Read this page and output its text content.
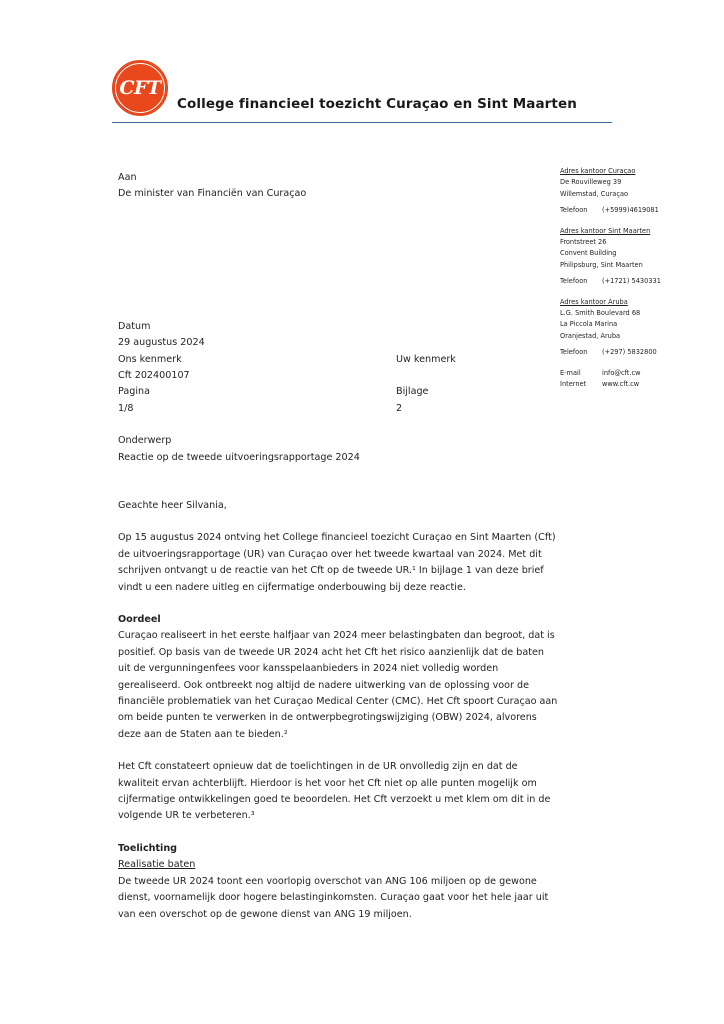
CFT
College financieel toezicht Curaçao en Sint Maarten
Adres kantoor Curaçao
De Rouvilleweg 39
Willemstad, Curaçao
Telefoon (+5999)4619081
Adres kantoor Sint Maarten
Frontstreet 26
Convent Building
Philipsburg, Sint Maarten
Telefoon (+1721) 5430331
Adres kantoor Aruba
L.G. Smith Boulevard 68
La Piccola Marina
Oranjestad, Aruba
Telefoon (+297) 5832800
E-mail	info@cft.cw
Internet www.cft.cw
Aan
De minister van Financiën van Curaçao
Datum
29 augustus 2024
Ons kenmerk	Uw kenmerk
Cft 202400107
Pagina	Bijlage
1/8	2
Onderwerp
Reactie op de tweede uitvoeringsrapportage 2024

Geachte heer Silvania,

Op 15 augustus 2024 ontving het College financieel toezicht Curaçao en Sint Maarten (Cft) de uitvoeringsrapportage (UR) van Curaçao over het tweede kwartaal van 2024. Met dit schrijven ontvangt u de reactie van het Cft op de tweede UR.¹ In bijlage 1 van deze brief vindt u een nadere uitleg en cijfermatige onderbouwing bij deze reactie.

Oordeel

Curaçao realiseert in het eerste halfjaar van 2024 meer belastingbaten dan begroot, dat is positief. Op basis van de tweede UR 2024 acht het Cft het risico aanzienlijk dat de baten uit de vergunningenfees voor kansspelaanbieders in 2024 niet volledig worden gerealiseerd. Ook ontbreekt nog altijd de nadere uitwerking van de oplossing voor de financiële problematiek van het Curaçao Medical Center (CMC). Het Cft spoort Curaçao aan om beide punten te verwerken in de ontwerpbegrotingswijziging (OBW) 2024, alvorens deze aan de Staten aan te bieden.²

Het Cft constateert opnieuw dat de toelichtingen in de UR onvolledig zijn en dat de kwaliteit ervan achterblijft. Hierdoor is het voor het Cft niet op alle punten mogelijk om cijfermatige ontwikkelingen goed te beoordelen. Het Cft verzoekt u met klem om dit in de volgende UR te verbeteren.³

Toelichting

Realisatie baten

De tweede UR 2024 toont een voorlopig overschot van ANG 106 miljoen op de gewone dienst, voornamelijk door hogere belastinginkomsten. Curaçao gaat voor het hele jaar uit van een overschot op de gewone dienst van ANG 19 miljoen.
